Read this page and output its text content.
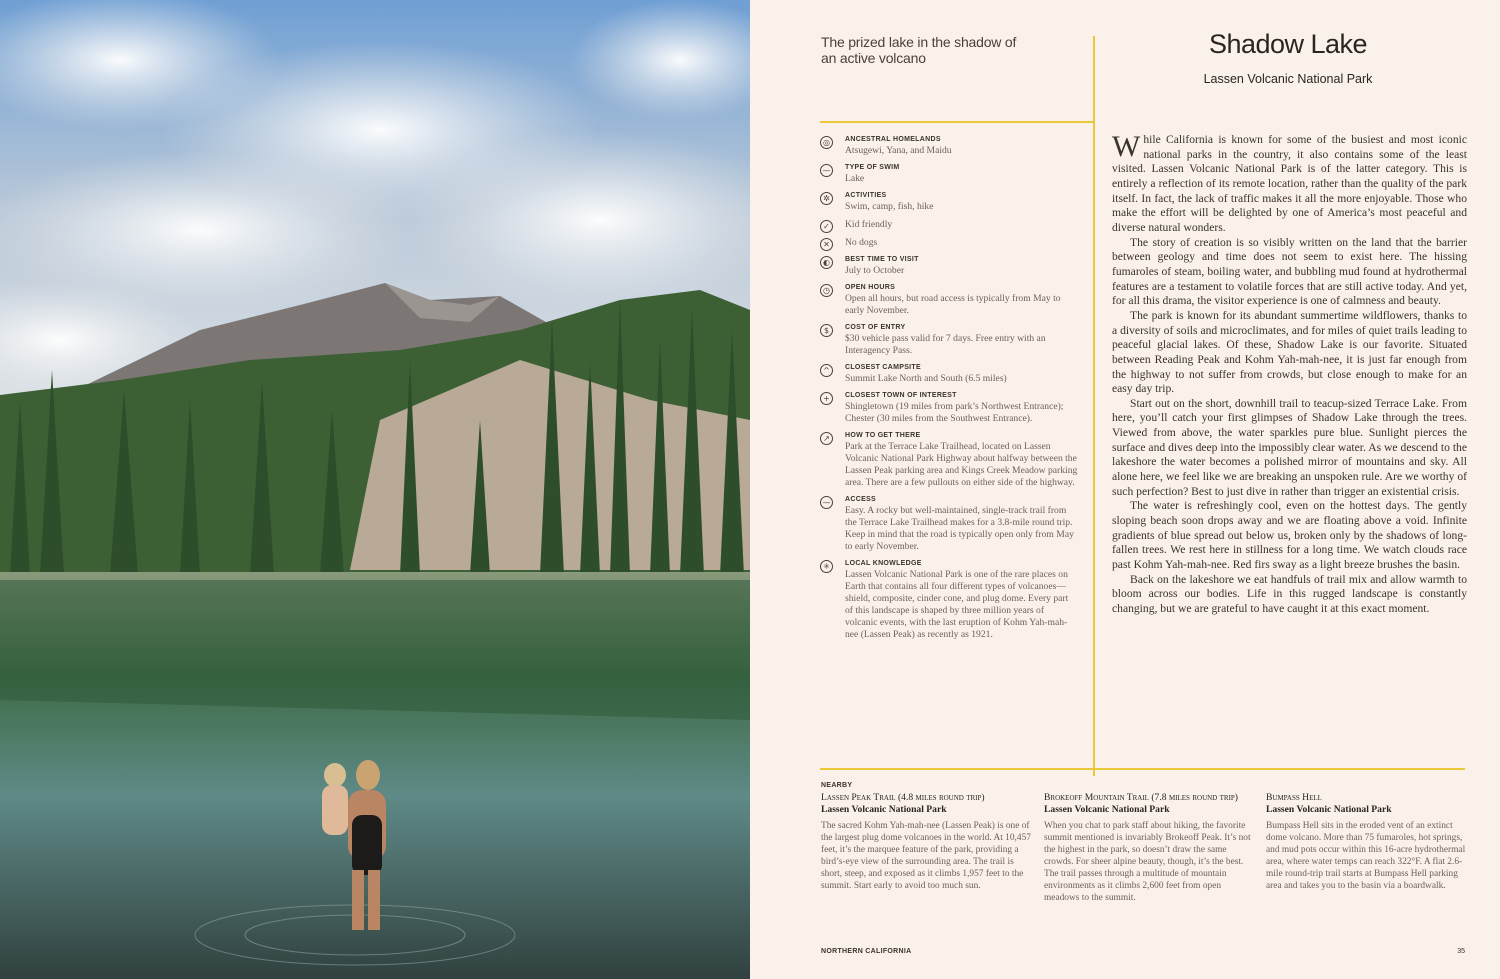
The prized lake in the shadow of an active volcano	Shadow Lake
Lassen Volcanic National Park
◎	ANCESTRAL HOMELANDS
Atsugewi, Yana, and Maidu
—	TYPE OF SWIM
Lake
✲	ACTIVITIES
Swim, camp, fish, hike
✓	Kid friendly
✕	No dogs
◐	BEST TIME TO VISIT
July to October
◷	OPEN HOURS
Open all hours, but road access is typically from May to early November.
$	COST OF ENTRY
$30 vehicle pass valid for 7 days. Free entry with an Interagency Pass.
^	CLOSEST CAMPSITE
Summit Lake North and South (6.5 miles)
+	CLOSEST TOWN OF INTEREST
Shingletown (19 miles from park’s Northwest Entrance); Chester (30 miles from the Southwest Entrance).
↗	HOW TO GET THERE
Park at the Terrace Lake Trailhead, located on Lassen Volcanic National Park Highway about halfway between the Lassen Peak parking area and Kings Creek Meadow parking area. There are a few pullouts on either side of the highway.
—	ACCESS
Easy. A rocky but well-maintained, single-track trail from the Terrace Lake Trailhead makes for a 3.8-mile round trip. Keep in mind that the road is typically open only from May to early November.
✳	LOCAL KNOWLEDGE
Lassen Volcanic National Park is one of the rare places on Earth that contains all four different types of volcanoes—shield, composite, cinder cone, and plug dome. Every part of this landscape is shaped by three million years of volcanic events, with the last eruption of Kohm Yah-mah-nee (Lassen Peak) as recently as 1921.

While California is known for some of the busiest and most iconic national parks in the country, it also contains some of the least visited. Lassen Volcanic National Park is of the latter category. This is entirely a reflection of its remote location, rather than the quality of the park itself. In fact, the lack of traffic makes it all the more enjoyable. Those who make the effort will be delighted by one of America’s most peaceful and diverse natural wonders.

The story of creation is so visibly written on the land that the barrier between geology and time does not seem to exist here. The hissing fumaroles of steam, boiling water, and bubbling mud found at hydrothermal features are a testament to volatile forces that are still active today. And yet, for all this drama, the visitor experience is one of calmness and beauty.

The park is known for its abundant summertime wildflowers, thanks to a diversity of soils and microclimates, and for miles of quiet trails leading to peaceful glacial lakes. Of these, Shadow Lake is our favorite. Situated between Reading Peak and Kohm Yah-mah-nee, it is just far enough from the highway to not suffer from crowds, but close enough to make for an easy day trip.

Start out on the short, downhill trail to teacup-sized Terrace Lake. From here, you’ll catch your first glimpses of Shadow Lake through the trees. Viewed from above, the water sparkles pure blue. Sunlight pierces the surface and dives deep into the impossibly clear water. As we descend to the lakeshore the water becomes a polished mirror of mountains and sky. All alone here, we feel like we are breaking an unspoken rule. Are we worthy of such perfection? Best to just dive in rather than trigger an existential crisis.

The water is refreshingly cool, even on the hottest days. The gently sloping beach soon drops away and we are floating above a void. Infinite gradients of blue spread out below us, broken only by the shadows of long-fallen trees. We rest here in stillness for a long time. We watch clouds race past Kohm Yah-mah-nee. Red firs sway as a light breeze brushes the basin.

Back on the lakeshore we eat handfuls of trail mix and allow warmth to bloom across our bodies. Life in this rugged landscape is constantly changing, but we are grateful to have caught it at this exact moment.

NEARBY
Lassen Peak Trail (4.8 miles round trip)
Lassen Volcanic National Park
The sacred Kohm Yah-mah-nee (Lassen Peak) is one of the largest plug dome volcanoes in the world. At 10,457 feet, it’s the marquee feature of the park, providing a bird’s-eye view of the surrounding area. The trail is short, steep, and exposed as it climbs 1,957 feet to the summit. Start early to avoid too much sun.
Brokeoff Mountain Trail (7.8 miles round trip)
Lassen Volcanic National Park
When you chat to park staff about hiking, the favorite summit mentioned is invariably Brokeoff Peak. It’s not the highest in the park, so doesn’t draw the same crowds. For sheer alpine beauty, though, it’s the best. The trail passes through a multitude of mountain environments as it climbs 2,600 feet from open meadows to the summit.
Bumpass Hell
Lassen Volcanic National Park
Bumpass Hell sits in the eroded vent of an extinct dome volcano. More than 75 fumaroles, hot springs, and mud pots occur within this 16-acre hydrothermal area, where water temps can reach 322°F. A flat 2.6-mile round-trip trail starts at Bumpass Hell parking area and takes you to the basin via a boardwalk.
NORTHERN CALIFORNIA	35
